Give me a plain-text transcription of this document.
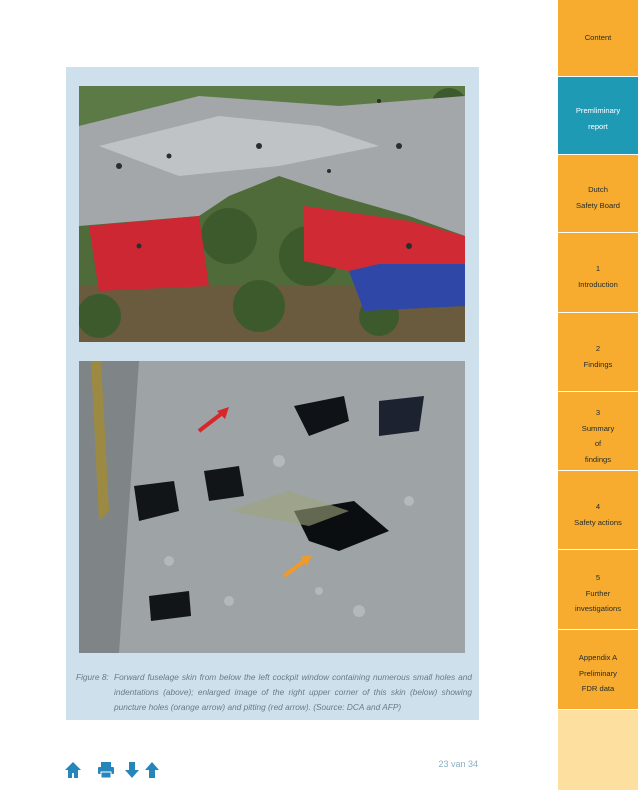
Figure 8: Forward fuselage skin from below the left cockpit window containing numerous small holes and indentations (above); enlarged image of the right upper corner of this skin (below) showing puncture holes (orange arrow) and pitting (red arrow). (Source: DCA and AFP)
23 van 34
Content
Premliminary
report
Dutch
Safety Board
1
Introduction
2
Findings
3
Summary
of
findings
4
Safety actions
5
Further
investigations
Appendix A
Preliminary
FDR data
